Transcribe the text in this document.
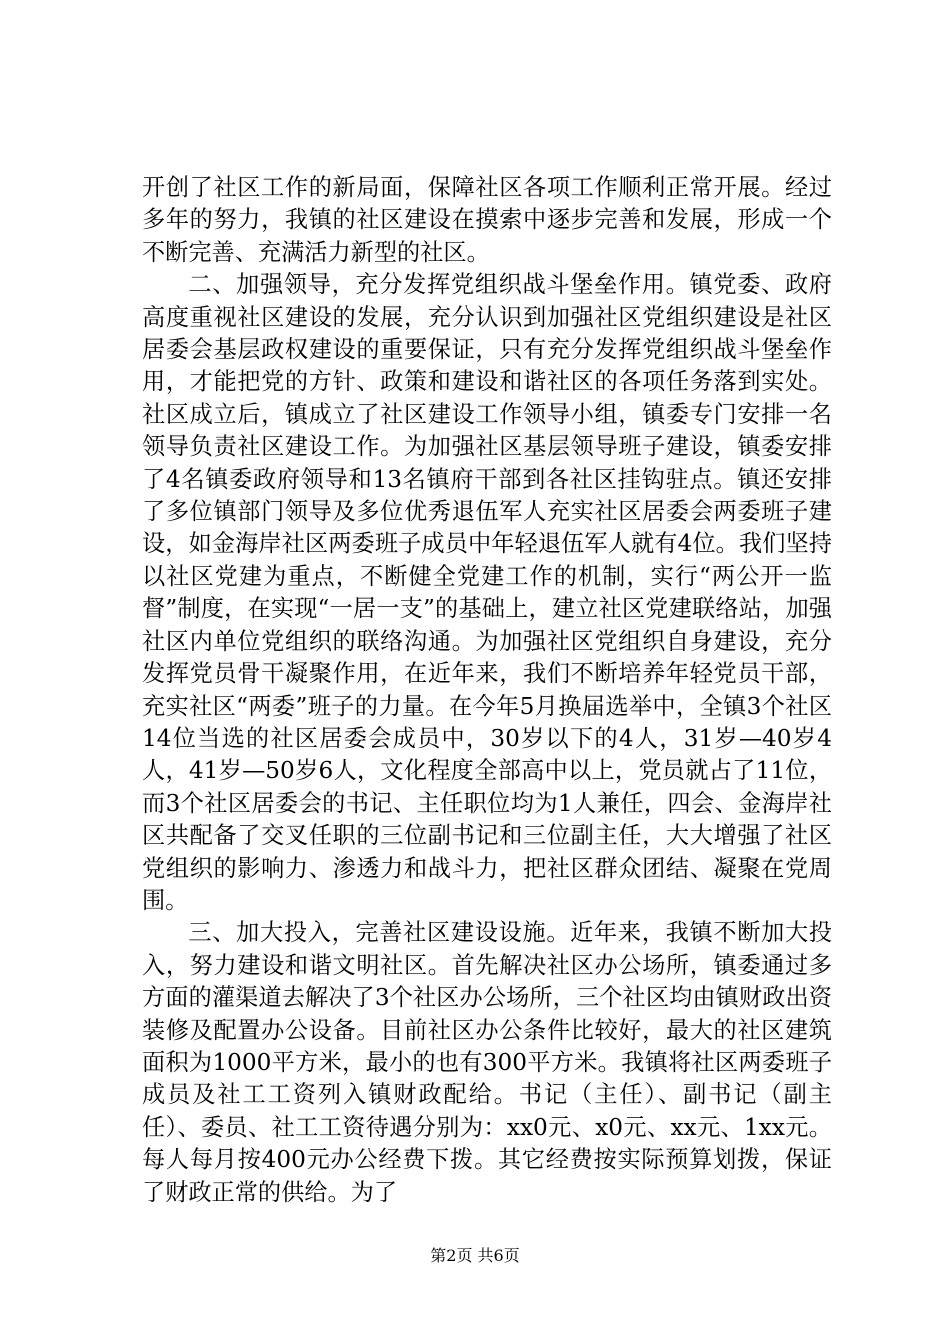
开创了社区工作的新局面，保障社区各项工作顺利正常开展。经过多年的努力，我镇的社区建设在摸索中逐步完善和发展，形成一个不断完善、充满活力新型的社区。

二、加强领导，充分发挥党组织战斗堡垒作用。镇党委、政府高度重视社区建设的发展，充分认识到加强社区党组织建设是社区居委会基层政权建设的重要保证，只有充分发挥党组织战斗堡垒作用，才能把党的方针、政策和建设和谐社区的各项任务落到实处。社区成立后，镇成立了社区建设工作领导小组，镇委专门安排一名领导负责社区建设工作。为加强社区基层领导班子建设，镇委安排了4名镇委政府领导和13名镇府干部到各社区挂钩驻点。镇还安排了多位镇部门领导及多位优秀退伍军人充实社区居委会两委班子建设，如金海岸社区两委班子成员中年轻退伍军人就有4位。我们坚持以社区党建为重点，不断健全党建工作的机制，实行“两公开一监督”制度，在实现“一居一支”的基础上，建立社区党建联络站，加强社区内单位党组织的联络沟通。为加强社区党组织自身建设，充分发挥党员骨干凝聚作用，在近年来，我们不断培养年轻党员干部，充实社区“两委”班子的力量。在今年5月换届选举中，全镇3个社区14位当选的社区居委会成员中，30岁以下的4人，31岁—40岁4人，41岁—50岁6人，文化程度全部高中以上，党员就占了11位，而3个社区居委会的书记、主任职位均为1人兼任，四会、金海岸社区共配备了交叉任职的三位副书记和三位副主任，大大增强了社区党组织的影响力、渗透力和战斗力，把社区群众团结、凝聚在党周围。

三、加大投入，完善社区建设设施。近年来，我镇不断加大投入，努力建设和谐文明社区。首先解决社区办公场所，镇委通过多方面的灌渠道去解决了3个社区办公场所，三个社区均由镇财政出资装修及配置办公设备。目前社区办公条件比较好，最大的社区建筑面积为1000平方米，最小的也有300平方米。我镇将社区两委班子成员及社工工资列入镇财政配给。书记（主任）、副书记（副主任）、委员、社工工资待遇分别为：xx0元、x0元、xx元、1xx元。每人每月按400元办公经费下拨。其它经费按实际预算划拨，保证了财政正常的供给。为了

第2页 共6页
